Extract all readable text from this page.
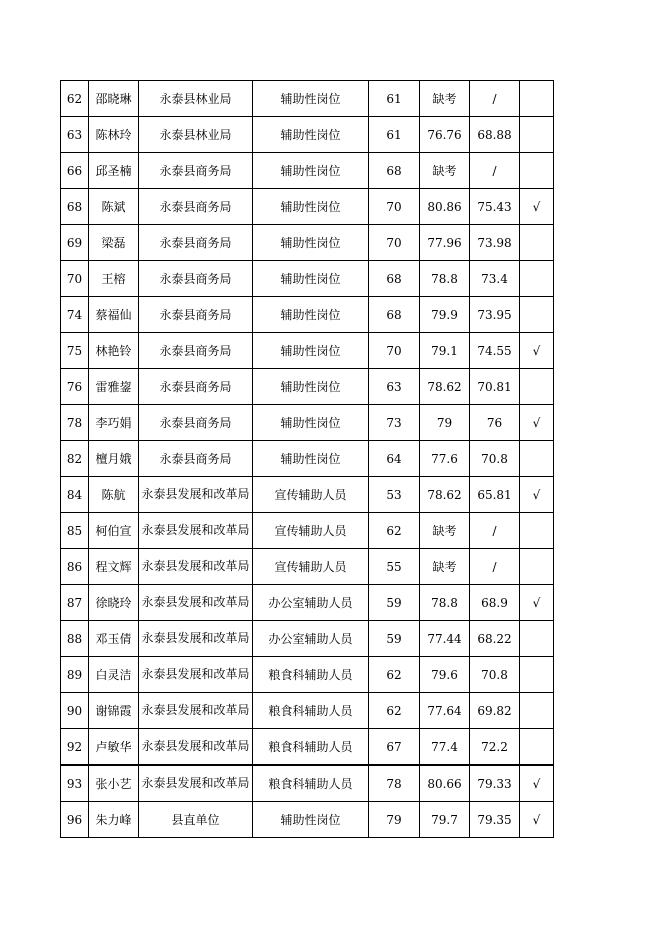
62	邵晓琳	永泰县林业局	辅助性岗位	61	缺考	/	
63	陈林玲	永泰县林业局	辅助性岗位	61	76.76	68.88	
66	邱圣楠	永泰县商务局	辅助性岗位	68	缺考	/	
68	陈斌	永泰县商务局	辅助性岗位	70	80.86	75.43	√
69	梁磊	永泰县商务局	辅助性岗位	70	77.96	73.98	
70	王榕	永泰县商务局	辅助性岗位	68	78.8	73.4	
74	蔡福仙	永泰县商务局	辅助性岗位	68	79.9	73.95	
75	林艳铃	永泰县商务局	辅助性岗位	70	79.1	74.55	√
76	雷雅鋆	永泰县商务局	辅助性岗位	63	78.62	70.81	
78	李巧娟	永泰县商务局	辅助性岗位	73	79	76	√
82	檀月娥	永泰县商务局	辅助性岗位	64	77.6	70.8	
84	陈航	永泰县发展和改革局	宣传辅助人员	53	78.62	65.81	√
85	柯伯宣	永泰县发展和改革局	宣传辅助人员	62	缺考	/	
86	程文辉	永泰县发展和改革局	宣传辅助人员	55	缺考	/	
87	徐晓玲	永泰县发展和改革局	办公室辅助人员	59	78.8	68.9	√
88	邓玉倩	永泰县发展和改革局	办公室辅助人员	59	77.44	68.22	
89	白灵洁	永泰县发展和改革局	粮食科辅助人员	62	79.6	70.8	
90	谢锦霞	永泰县发展和改革局	粮食科辅助人员	62	77.64	69.82	
92	卢敏华	永泰县发展和改革局	粮食科辅助人员	67	77.4	72.2	
93	张小艺	永泰县发展和改革局	粮食科辅助人员	78	80.66	79.33	√
96	朱力峰	县直单位	辅助性岗位	79	79.7	79.35	√
